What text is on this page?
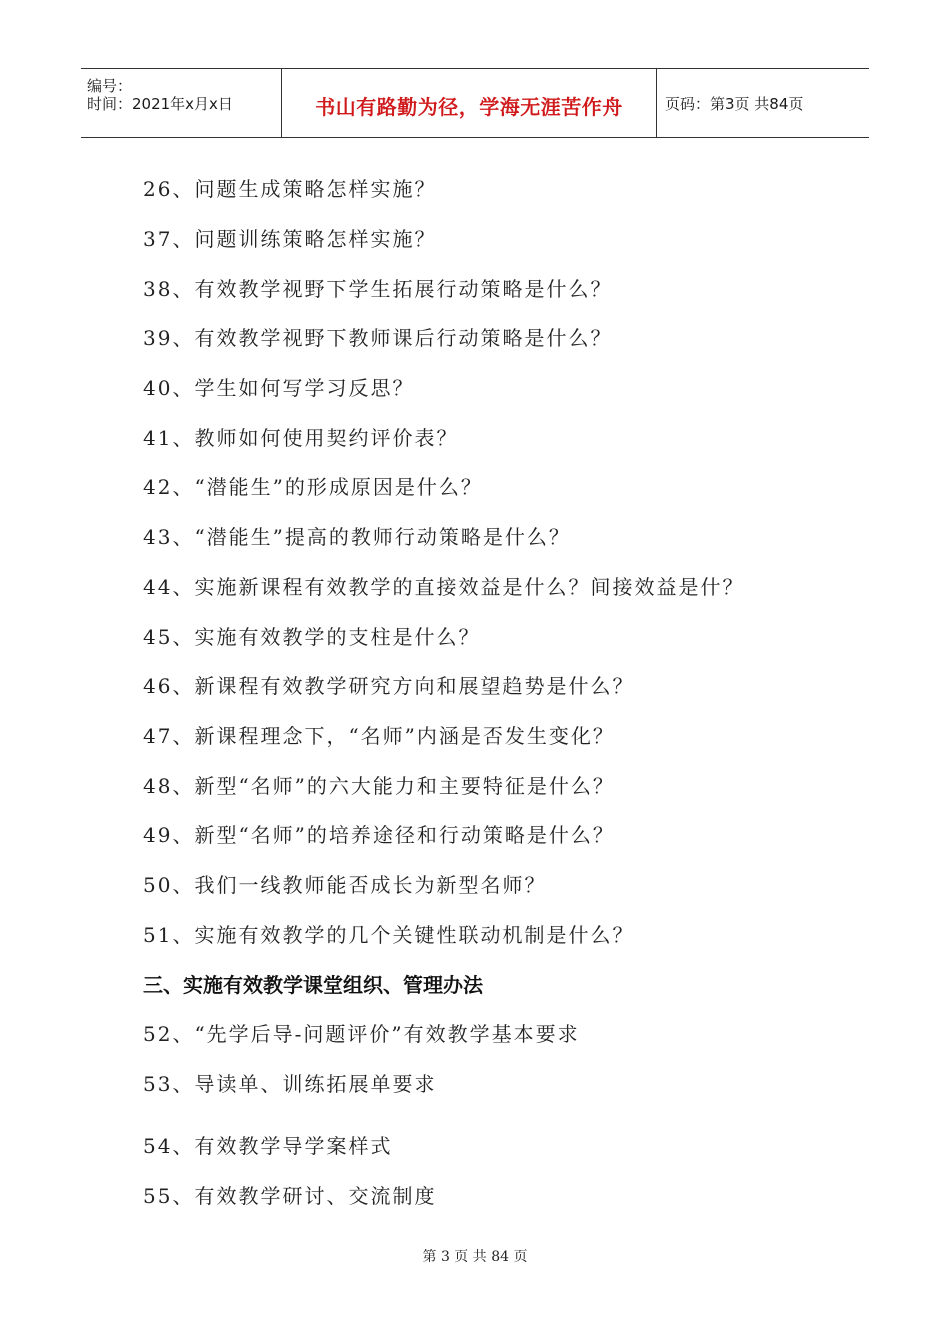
编号：
时间：2021年x月x日	书山有路勤为径，学海无涯苦作舟	页码：第3页 共84页
26、问题生成策略怎样实施？
37、问题训练策略怎样实施？
38、有效教学视野下学生拓展行动策略是什么？
39、有效教学视野下教师课后行动策略是什么？
40、学生如何写学习反思？
41、教师如何使用契约评价表？
42、“潜能生”的形成原因是什么？
43、“潜能生”提高的教师行动策略是什么？
44、实施新课程有效教学的直接效益是什么？间接效益是什？
45、实施有效教学的支柱是什么？
46、新课程有效教学研究方向和展望趋势是什么？
47、新课程理念下，“名师”内涵是否发生变化？
48、新型“名师”的六大能力和主要特征是什么？
49、新型“名师”的培养途径和行动策略是什么？
50、我们一线教师能否成长为新型名师？
51、实施有效教学的几个关键性联动机制是什么？
三、实施有效教学课堂组织、管理办法
52、“先学后导-问题评价”有效教学基本要求
53、导读单、训练拓展单要求
54、有效教学导学案样式
55、有效教学研讨、交流制度
第 3 页 共 84 页
